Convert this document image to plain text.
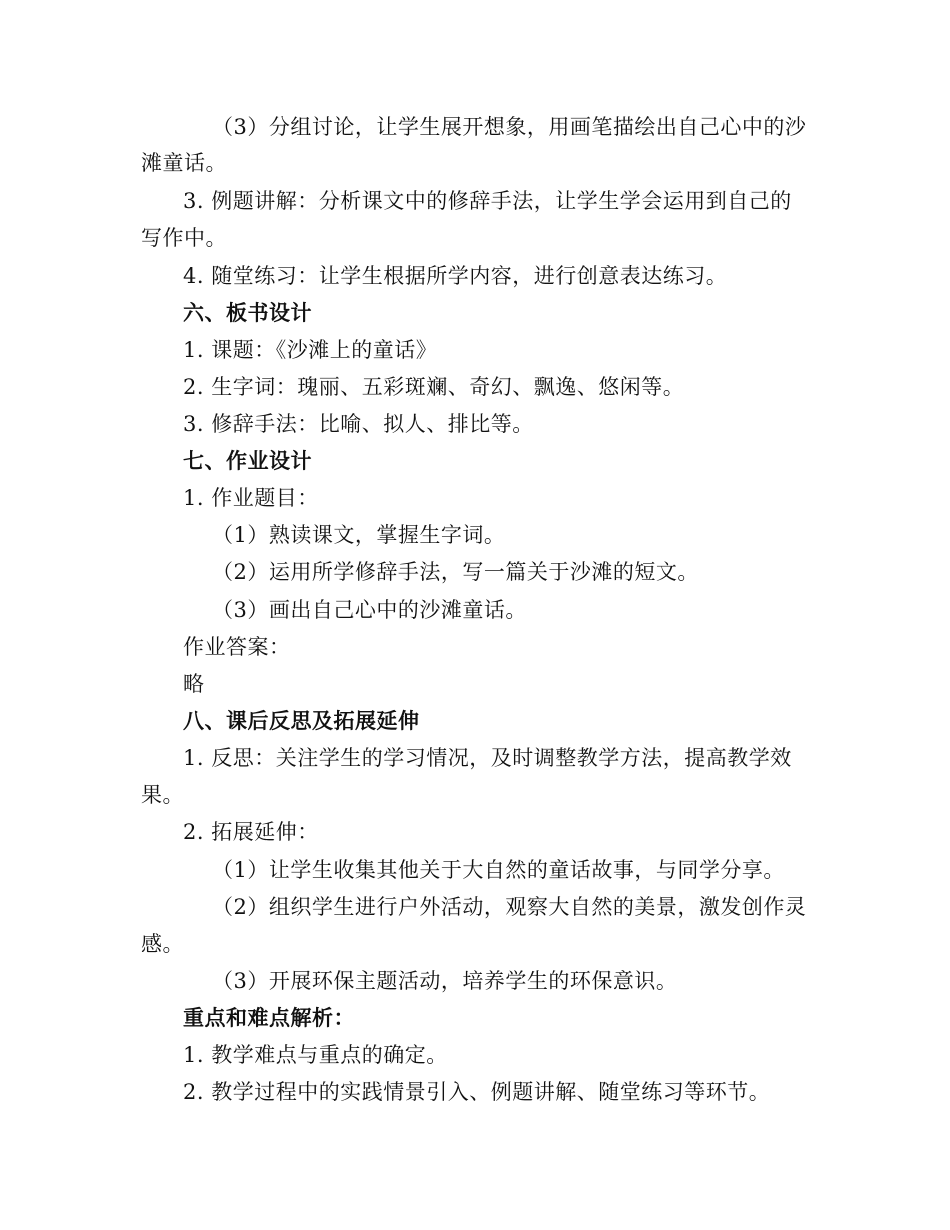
（3）分组讨论，让学生展开想象，用画笔描绘出自己心中的沙
滩童话。
3. 例题讲解：分析课文中的修辞手法，让学生学会运用到自己的
写作中。
4. 随堂练习：让学生根据所学内容，进行创意表达练习。
六、板书设计
1. 课题：《沙滩上的童话》
2. 生字词：瑰丽、五彩斑斓、奇幻、飘逸、悠闲等。
3. 修辞手法：比喻、拟人、排比等。
七、作业设计
1. 作业题目：
（1）熟读课文，掌握生字词。
（2）运用所学修辞手法，写一篇关于沙滩的短文。
（3）画出自己心中的沙滩童话。
作业答案：
略
八、课后反思及拓展延伸
1. 反思：关注学生的学习情况，及时调整教学方法，提高教学效
果。
2. 拓展延伸：
（1）让学生收集其他关于大自然的童话故事，与同学分享。
（2）组织学生进行户外活动，观察大自然的美景，激发创作灵
感。
（3）开展环保主题活动，培养学生的环保意识。
重点和难点解析：
1. 教学难点与重点的确定。
2. 教学过程中的实践情景引入、例题讲解、随堂练习等环节。
